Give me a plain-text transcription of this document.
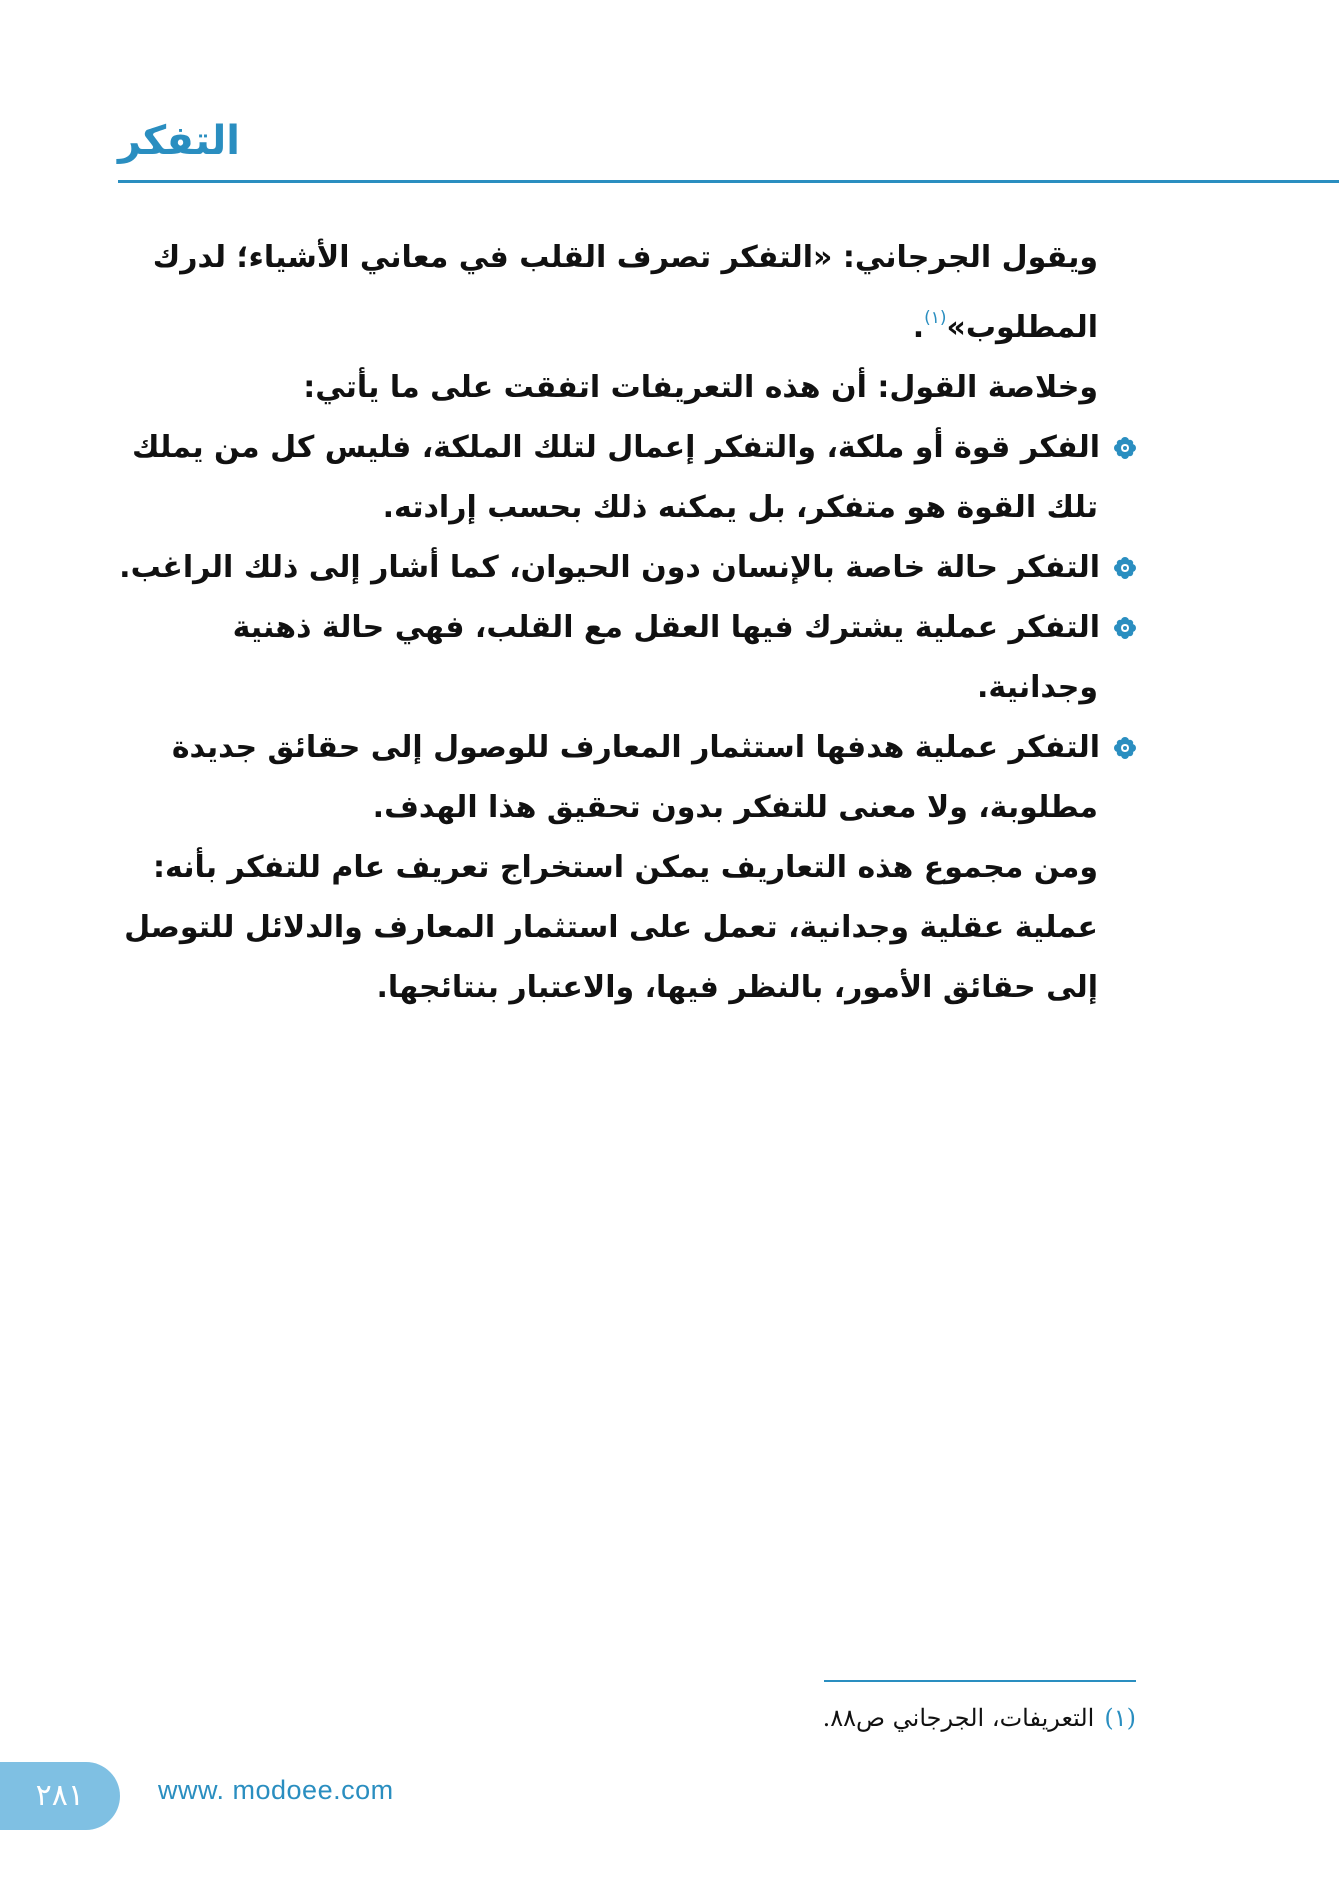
التفكر

ويقول الجرجاني: «التفكر تصرف القلب في معاني الأشياء؛ لدرك المطلوب»$^{(١)}$.

وخلاصة القول: أن هذه التعريفات اتفقت على ما يأتي:

الفكر قوة أو ملكة، والتفكر إعمال لتلك الملكة، فليس كل من يملك تلك القوة هو متفكر، بل يمكنه ذلك بحسب إرادته.

التفكر حالة خاصة بالإنسان دون الحيوان، كما أشار إلى ذلك الراغب.

التفكر عملية يشترك فيها العقل مع القلب، فهي حالة ذهنية وجدانية.

التفكر عملية هدفها استثمار المعارف للوصول إلى حقائق جديدة مطلوبة، ولا معنى للتفكر بدون تحقيق هذا الهدف.

ومن مجموع هذه التعاريف يمكن استخراج تعريف عام للتفكر بأنه:

عملية عقلية وجدانية، تعمل على استثمار المعارف والدلائل للتوصل إلى حقائق الأمور، بالنظر فيها، والاعتبار بنتائجها.

(١)التعريفات، الجرجاني ص٨٨.
٢٨١	www. modoee.com
